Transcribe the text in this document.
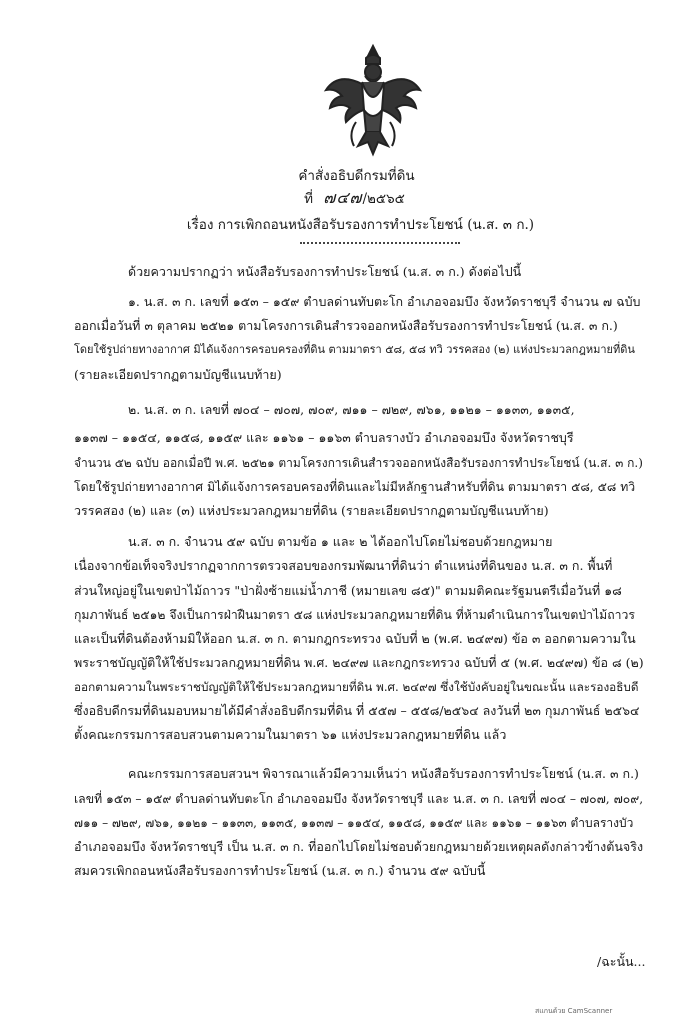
คำสั่งอธิบดีกรมที่ดิน
ที่ ๗๔๗/๒๕๖๕
เรื่อง การเพิกถอนหนังสือรับรองการทำประโยชน์ (น.ส. ๓ ก.)
ด้วยความปรากฏว่า หนังสือรับรองการทำประโยชน์ (น.ส. ๓ ก.) ดังต่อไปนี้
๑. น.ส. ๓ ก. เลขที่ ๑๕๓ – ๑๕๙ ตำบลด่านทับตะโก อำเภอจอมบึง จังหวัดราชบุรี จำนวน ๗ ฉบับ
ออกเมื่อวันที่ ๓ ตุลาคม ๒๕๒๑ ตามโครงการเดินสำรวจออกหนังสือรับรองการทำประโยชน์ (น.ส. ๓ ก.)
โดยใช้รูปถ่ายทางอากาศ มิได้แจ้งการครอบครองที่ดิน ตามมาตรา ๕๘, ๕๘ ทวิ วรรคสอง (๒) แห่งประมวลกฎหมายที่ดิน
(รายละเอียดปรากฏตามบัญชีแนบท้าย)
๒. น.ส. ๓ ก. เลขที่ ๗๐๔ – ๗๐๗, ๗๐๙, ๗๑๑ – ๗๒๙, ๗๖๑, ๑๑๒๑ – ๑๑๓๓, ๑๑๓๕,
๑๑๓๗ – ๑๑๕๔, ๑๑๕๘, ๑๑๕๙ และ ๑๑๖๑ – ๑๑๖๓ ตำบลรางบัว อำเภอจอมบึง จังหวัดราชบุรี
จำนวน ๕๒ ฉบับ ออกเมื่อปี พ.ศ. ๒๕๒๑ ตามโครงการเดินสำรวจออกหนังสือรับรองการทำประโยชน์ (น.ส. ๓ ก.)
โดยใช้รูปถ่ายทางอากาศ มิได้แจ้งการครอบครองที่ดินและไม่มีหลักฐานสำหรับที่ดิน ตามมาตรา ๕๘, ๕๘ ทวิ
วรรคสอง (๒) และ (๓) แห่งประมวลกฎหมายที่ดิน (รายละเอียดปรากฏตามบัญชีแนบท้าย)
น.ส. ๓ ก. จำนวน ๕๙ ฉบับ ตามข้อ ๑ และ ๒ ได้ออกไปโดยไม่ชอบด้วยกฎหมาย
เนื่องจากข้อเท็จจริงปรากฏจากการตรวจสอบของกรมพัฒนาที่ดินว่า ตำแหน่งที่ดินของ น.ส. ๓ ก. พื้นที่
ส่วนใหญ่อยู่ในเขตป่าไม้ถาวร "ป่าฝั่งซ้ายแม่น้ำภาชี (หมายเลข ๘๕)" ตามมติคณะรัฐมนตรีเมื่อวันที่ ๑๘
กุมภาพันธ์ ๒๕๑๒ จึงเป็นการฝ่าฝืนมาตรา ๕๘ แห่งประมวลกฎหมายที่ดิน ที่ห้ามดำเนินการในเขตป่าไม้ถาวร
และเป็นที่ดินต้องห้ามมิให้ออก น.ส. ๓ ก. ตามกฎกระทรวง ฉบับที่ ๒ (พ.ศ. ๒๔๙๗) ข้อ ๓ ออกตามความใน
พระราชบัญญัติให้ใช้ประมวลกฎหมายที่ดิน พ.ศ. ๒๔๙๗ และกฎกระทรวง ฉบับที่ ๕ (พ.ศ. ๒๔๙๗) ข้อ ๘ (๒)
ออกตามความในพระราชบัญญัติให้ใช้ประมวลกฎหมายที่ดิน พ.ศ. ๒๔๙๗ ซึ่งใช้บังคับอยู่ในขณะนั้น และรองอธิบดี
ซึ่งอธิบดีกรมที่ดินมอบหมายได้มีคำสั่งอธิบดีกรมที่ดิน ที่ ๕๕๗ – ๕๕๘/๒๕๖๔ ลงวันที่ ๒๓ กุมภาพันธ์ ๒๕๖๔
ตั้งคณะกรรมการสอบสวนตามความในมาตรา ๖๑ แห่งประมวลกฎหมายที่ดิน แล้ว
คณะกรรมการสอบสวนฯ พิจารณาแล้วมีความเห็นว่า หนังสือรับรองการทำประโยชน์ (น.ส. ๓ ก.)
เลขที่ ๑๕๓ – ๑๕๙ ตำบลด่านทับตะโก อำเภอจอมบึง จังหวัดราชบุรี และ น.ส. ๓ ก. เลขที่ ๗๐๔ – ๗๐๗, ๗๐๙,
๗๑๑ – ๗๒๙, ๗๖๑, ๑๑๒๑ – ๑๑๓๓, ๑๑๓๕, ๑๑๓๗ – ๑๑๕๔, ๑๑๕๘, ๑๑๕๙ และ ๑๑๖๑ – ๑๑๖๓ ตำบลรางบัว
อำเภอจอมบึง จังหวัดราชบุรี เป็น น.ส. ๓ ก. ที่ออกไปโดยไม่ชอบด้วยกฎหมายด้วยเหตุผลดังกล่าวข้างต้นจริง
สมควรเพิกถอนหนังสือรับรองการทำประโยชน์ (น.ส. ๓ ก.) จำนวน ๕๙ ฉบับนี้
/ฉะนั้น...
สแกนด้วย CamScanner
